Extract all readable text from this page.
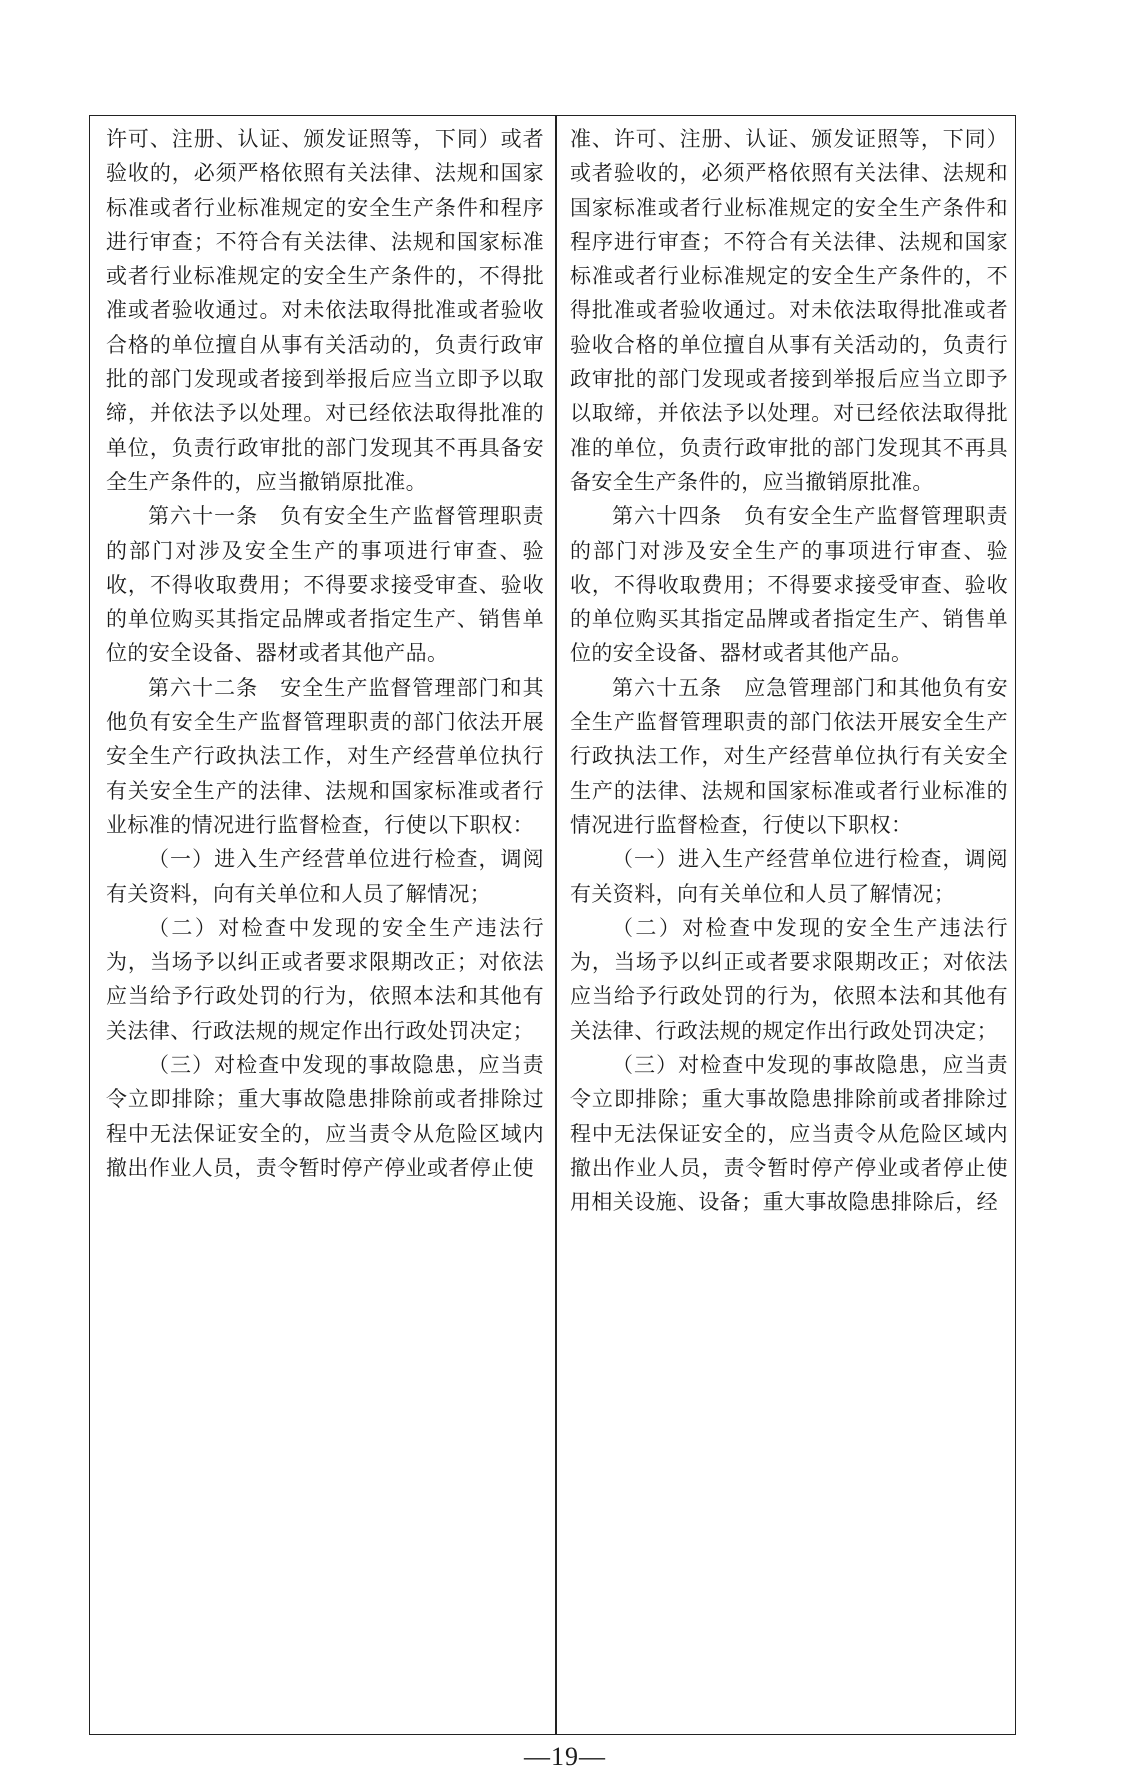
许可、注册、认证、颁发证照等，下同）或者验收的，必须严格依照有关法律、法规和国家标准或者行业标准规定的安全生产条件和程序进行审查；不符合有关法律、法规和国家标准或者行业标准规定的安全生产条件的，不得批准或者验收通过。对未依法取得批准或者验收合格的单位擅自从事有关活动的，负责行政审批的部门发现或者接到举报后应当立即予以取缔，并依法予以处理。对已经依法取得批准的单位，负责行政审批的部门发现其不再具备安全生产条件的，应当撤销原批准。

第六十一条　负有安全生产监督管理职责的部门对涉及安全生产的事项进行审查、验收，不得收取费用；不得要求接受审查、验收的单位购买其指定品牌或者指定生产、销售单位的安全设备、器材或者其他产品。

第六十二条　安全生产监督管理部门和其他负有安全生产监督管理职责的部门依法开展安全生产行政执法工作，对生产经营单位执行有关安全生产的法律、法规和国家标准或者行业标准的情况进行监督检查，行使以下职权：

（一）进入生产经营单位进行检查，调阅有关资料，向有关单位和人员了解情况；

（二）对检查中发现的安全生产违法行为，当场予以纠正或者要求限期改正；对依法应当给予行政处罚的行为，依照本法和其他有关法律、行政法规的规定作出行政处罚决定；

（三）对检查中发现的事故隐患，应当责令立即排除；重大事故隐患排除前或者排除过程中无法保证安全的，应当责令从危险区域内撤出作业人员，责令暂时停产停业或者停止使

准、许可、注册、认证、颁发证照等，下同）或者验收的，必须严格依照有关法律、法规和国家标准或者行业标准规定的安全生产条件和程序进行审查；不符合有关法律、法规和国家标准或者行业标准规定的安全生产条件的，不得批准或者验收通过。对未依法取得批准或者验收合格的单位擅自从事有关活动的，负责行政审批的部门发现或者接到举报后应当立即予以取缔，并依法予以处理。对已经依法取得批准的单位，负责行政审批的部门发现其不再具备安全生产条件的，应当撤销原批准。

第六十四条　负有安全生产监督管理职责的部门对涉及安全生产的事项进行审查、验收，不得收取费用；不得要求接受审查、验收的单位购买其指定品牌或者指定生产、销售单位的安全设备、器材或者其他产品。

第六十五条　应急管理部门和其他负有安全生产监督管理职责的部门依法开展安全生产行政执法工作，对生产经营单位执行有关安全生产的法律、法规和国家标准或者行业标准的情况进行监督检查，行使以下职权：

（一）进入生产经营单位进行检查，调阅有关资料，向有关单位和人员了解情况；

（二）对检查中发现的安全生产违法行为，当场予以纠正或者要求限期改正；对依法应当给予行政处罚的行为，依照本法和其他有关法律、行政法规的规定作出行政处罚决定；

（三）对检查中发现的事故隐患，应当责令立即排除；重大事故隐患排除前或者排除过程中无法保证安全的，应当责令从危险区域内撤出作业人员，责令暂时停产停业或者停止使用相关设施、设备；重大事故隐患排除后，经

—19—
